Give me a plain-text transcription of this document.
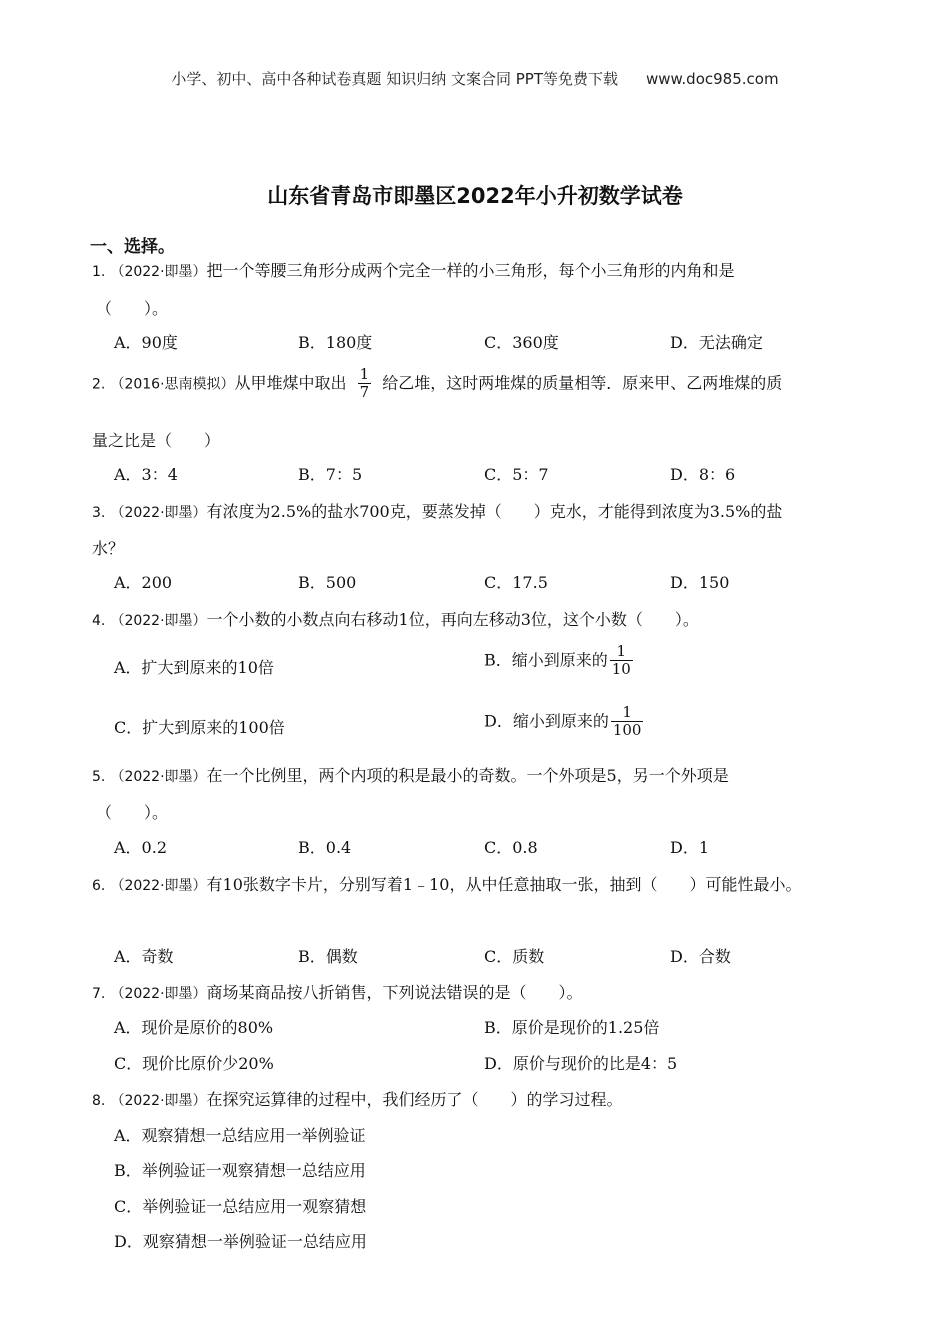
小学、初中、高中各种试卷真题 知识归纳 文案合同 PPT等免费下载 www.doc985.com
山东省青岛市即墨区2022年小升初数学试卷
一、选择。
1. （2022·即墨）把一个等腰三角形分成两个完全一样的小三角形，每个小三角形的内角和是
（　　）。
A．90度	B．180度	C．360度	D．无法确定
2. （2016·思南模拟）从甲堆煤中取出 $\frac{1}{7}$ 给乙堆，这时两堆煤的质量相等．原来甲、乙两堆煤的质
量之比是（　　）
A．3：4	B．7：5	C．5：7	D．8：6
3. （2022·即墨）有浓度为2.5%的盐水700克，要蒸发掉（　　）克水，才能得到浓度为3.5%的盐
水？
A．200	B．500	C．17.5	D．150
4. （2022·即墨）一个小数的小数点向右移动1位，再向左移动3位，这个小数（　　）。
A．扩大到原来的10倍	B．缩小到原来的 $\frac{1}{10}$
C．扩大到原来的100倍	D．缩小到原来的 $\frac{1}{100}$
5. （2022·即墨）在一个比例里，两个内项的积是最小的奇数。一个外项是5，另一个外项是
（　　）。
A．0.2	B．0.4	C．0.8	D．1
6. （2022·即墨）有10张数字卡片，分别写着1﹣10，从中任意抽取一张，抽到（　　）可能性最小。
A．奇数	B．偶数	C．质数	D．合数
7. （2022·即墨）商场某商品按八折销售，下列说法错误的是（　　）。
A．现价是原价的80%	B．原价是现价的1.25倍
C．现价比原价少20%	D．原价与现价的比是4：5
8. （2022·即墨）在探究运算律的过程中，我们经历了（　　）的学习过程。
A．观察猜想一总结应用一举例验证
B．举例验证一观察猜想一总结应用
C．举例验证一总结应用一观察猜想
D．观察猜想一举例验证一总结应用
